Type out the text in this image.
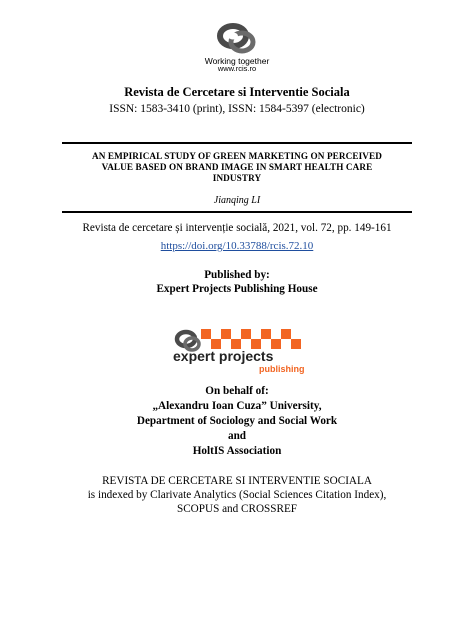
Working together
www.rcis.ro
Revista de Cercetare si Interventie Sociala
ISSN: 1583-3410 (print), ISSN: 1584-5397 (electronic)
AN EMPIRICAL STUDY OF GREEN MARKETING ON PERCEIVED
VALUE BASED ON BRAND IMAGE IN SMART HEALTH CARE
INDUSTRY
Jianqing LI
Revista de cercetare și intervenție socială, 2021, vol. 72, pp. 149-161
https://doi.org/10.33788/rcis.72.10
Published by:
Expert Projects Publishing House
expert projects
publishing
On behalf of:
„Alexandru Ioan Cuza” University,
Department of Sociology and Social Work
and
HoltIS Association
REVISTA DE CERCETARE SI INTERVENTIE SOCIALA
is indexed by Clarivate Analytics (Social Sciences Citation Index),
SCOPUS and CROSSREF
